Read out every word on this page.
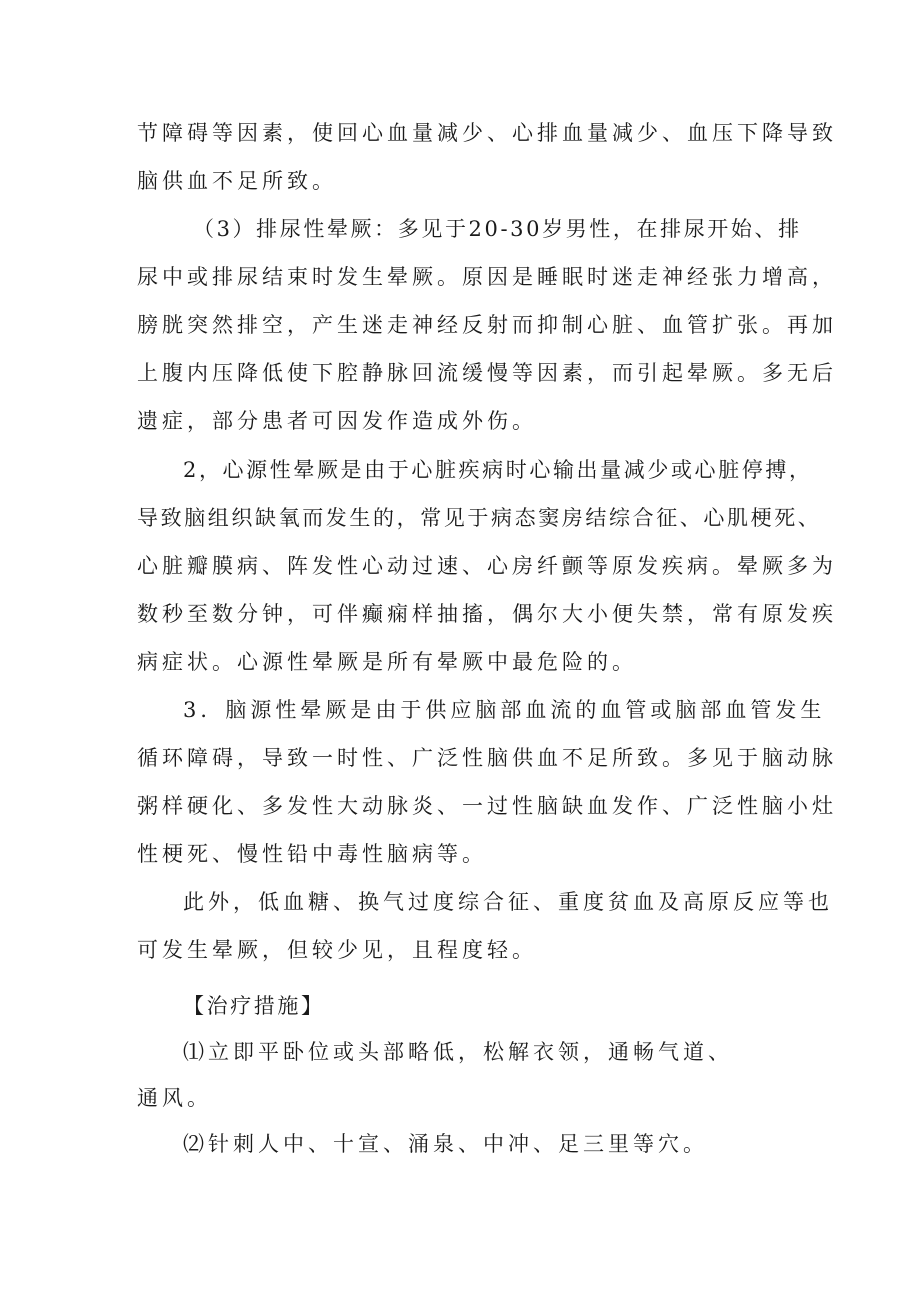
节障碍等因素，使回心血量减少、心排血量减少、血压下降导致
脑供血不足所致。
（3）排尿性晕厥：多见于20-30岁男性，在排尿开始、排
尿中或排尿结束时发生晕厥。原因是睡眠时迷走神经张力增高，
膀胱突然排空，产生迷走神经反射而抑制心脏、血管扩张。再加
上腹内压降低使下腔静脉回流缓慢等因素，而引起晕厥。多无后
遗症，部分患者可因发作造成外伤。
2，心源性晕厥是由于心脏疾病时心输出量减少或心脏停搏，
导致脑组织缺氧而发生的，常见于病态窦房结综合征、心肌梗死、
心脏瓣膜病、阵发性心动过速、心房纤颤等原发疾病。晕厥多为
数秒至数分钟，可伴癫痫样抽搐，偶尔大小便失禁，常有原发疾
病症状。心源性晕厥是所有晕厥中最危险的。
3．脑源性晕厥是由于供应脑部血流的血管或脑部血管发生
循环障碍，导致一时性、广泛性脑供血不足所致。多见于脑动脉
粥样硬化、多发性大动脉炎、一过性脑缺血发作、广泛性脑小灶
性梗死、慢性铅中毒性脑病等。
此外，低血糖、换气过度综合征、重度贫血及高原反应等也
可发生晕厥，但较少见，且程度轻。
【治疗措施】
⑴立即平卧位或头部略低，松解衣领，通畅气道、
通风。
⑵针刺人中、十宣、涌泉、中冲、足三里等穴。
